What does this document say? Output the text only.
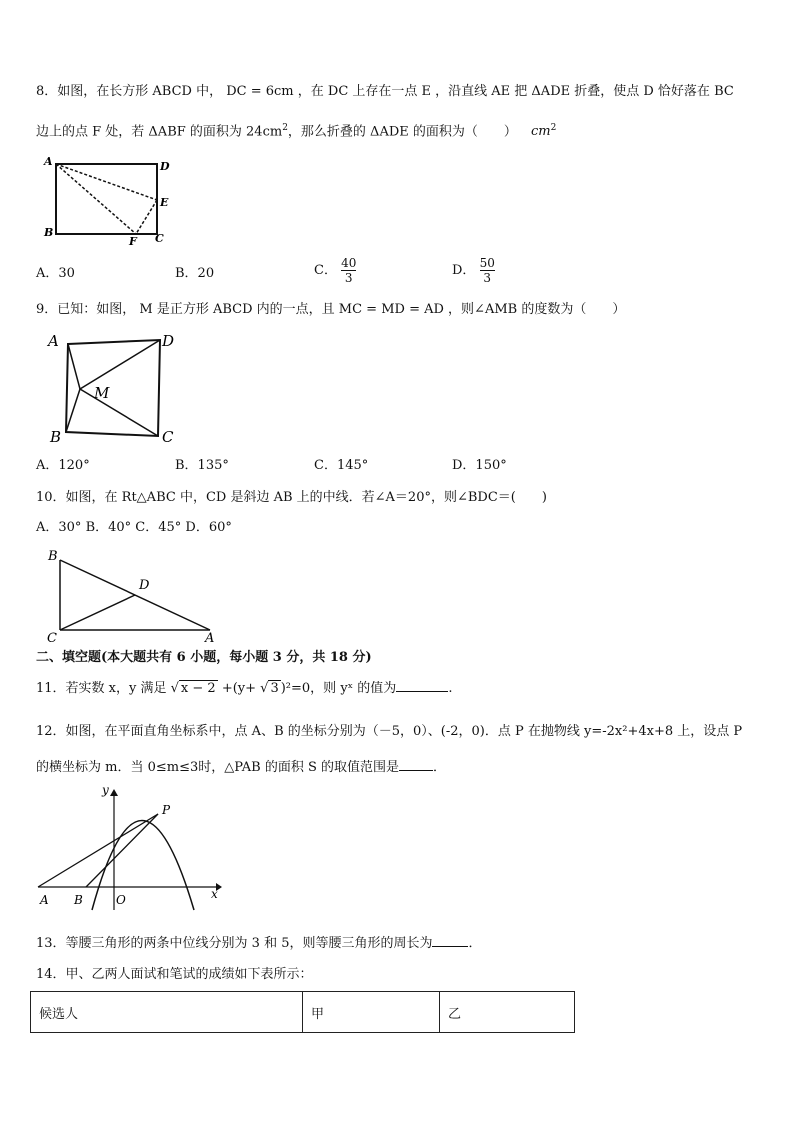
8．如图，在长方形 ABCD 中， DC = 6cm ，在 DC 上存在一点 E ，沿直线 AE 把 ΔADE 折叠，使点 D 恰好落在 BC
边上的点 F 处，若 ΔABF 的面积为 $24cm^2$，那么折叠的 ΔADE 的面积为（　　） $cm^2$
A	D
E
B
F C
A．30	B．20	C． $\frac{40}{3}$	D． $\frac{50}{3}$
9．已知：如图， M 是正方形 ABCD 内的一点，且 MC = MD = AD ，则∠AMB 的度数为（　　）
A	D
M
B	C
A．120°	B．135°	C．145°	D．150°
10．如图，在 Rt△ABC 中，CD 是斜边 AB 上的中线．若∠A＝20°，则∠BDC＝(　　)
A．30° B．40° C．45° D．60°
B
D
C	A
二、填空题(本大题共有 6 小题，每小题 3 分，共 18 分)
11．若实数 x，y 满足 √ x − 2 +(y+ √ 3 )²=0，则 yˣ 的值为	.
12．如图，在平面直角坐标系中，点 A、B 的坐标分别为（－5，0）、(-2，0)．点 P 在抛物线 y=-2x²+4x+8 上，设点 P
的横坐标为 m．当 0≤m≤3时，△PAB 的面积 S 的取值范围是	．
y
x
P
A B	O
13．等腰三角形的两条中位线分别为 3 和 5，则等腰三角形的周长为	．
14．甲、乙两人面试和笔试的成绩如下表所示：
候选人	甲	乙
